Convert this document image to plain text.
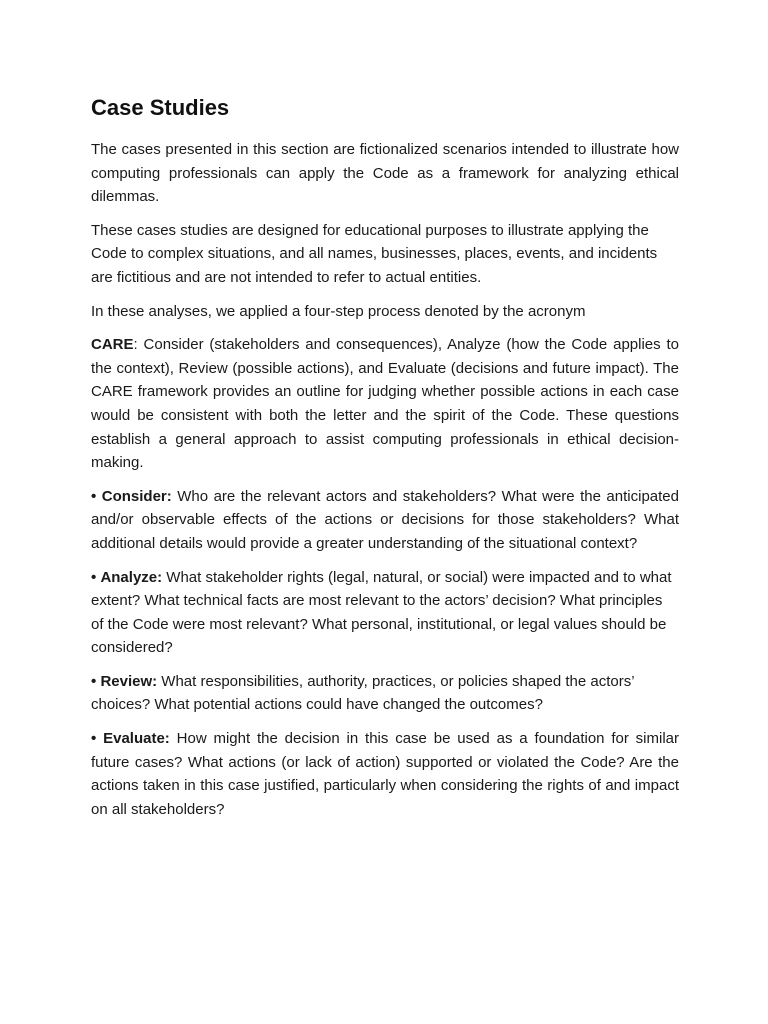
Case Studies

The cases presented in this section are fictionalized scenarios intended to illustrate how computing professionals can apply the Code as a framework for analyzing ethical dilemmas.

These cases studies are designed for educational purposes to illustrate applying the Code to complex situations, and all names, businesses, places, events, and incidents are fictitious and are not intended to refer to actual entities.

In these analyses, we applied a four-step process denoted by the acronym

CARE: Consider (stakeholders and consequences), Analyze (how the Code applies to the context), Review (possible actions), and Evaluate (decisions and future impact). The CARE framework provides an outline for judging whether possible actions in each case would be consistent with both the letter and the spirit of the Code. These questions establish a general approach to assist computing professionals in ethical decision-making.

• Consider: Who are the relevant actors and stakeholders? What were the anticipated and/or observable effects of the actions or decisions for those stakeholders? What additional details would provide a greater understanding of the situational context?

• Analyze: What stakeholder rights (legal, natural, or social) were impacted and to what extent? What technical facts are most relevant to the actors’ decision? What principles of the Code were most relevant? What personal, institutional, or legal values should be considered?

• Review: What responsibilities, authority, practices, or policies shaped the actors’ choices? What potential actions could have changed the outcomes?

• Evaluate: How might the decision in this case be used as a foundation for similar future cases? What actions (or lack of action) supported or violated the Code? Are the actions taken in this case justified, particularly when considering the rights of and impact on all stakeholders?
